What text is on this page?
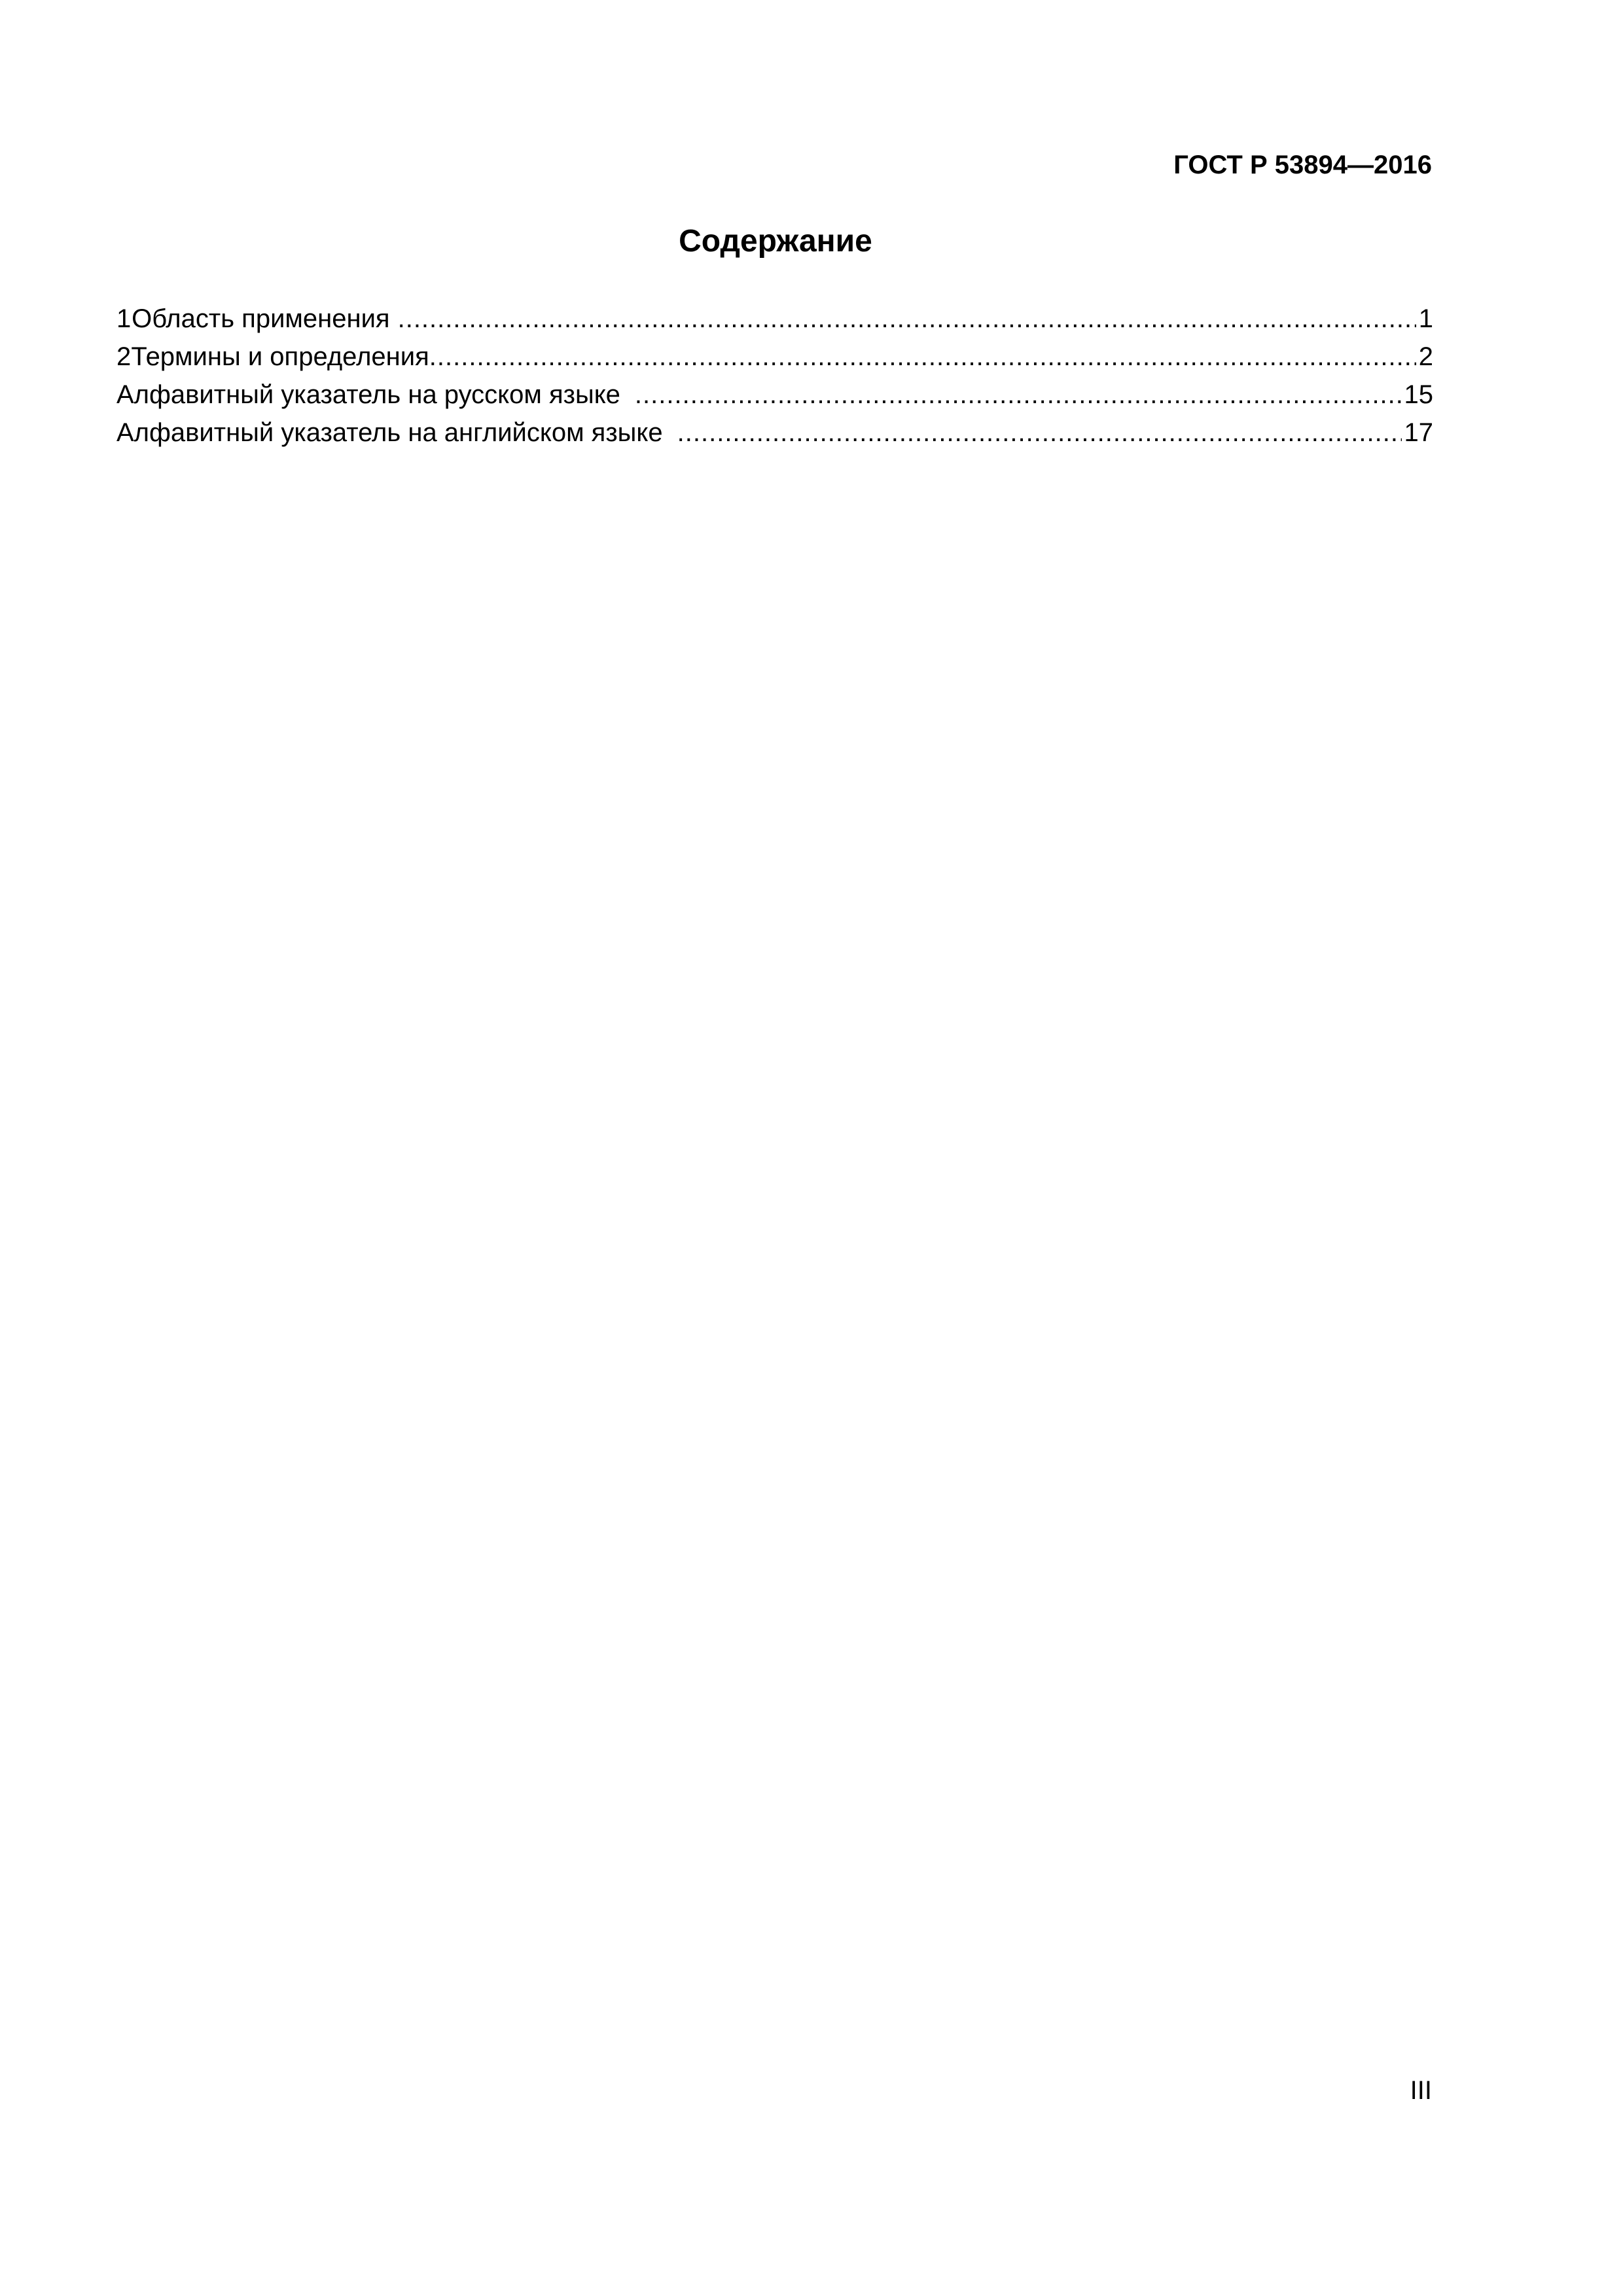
ГОСТ Р 53894—2016
Содержание
1 Область применения .....	1
2 Термины и определения .....	2
Алфавитный указатель на русском языке .....	15
Алфавитный указатель на английском языке .....	17
III
